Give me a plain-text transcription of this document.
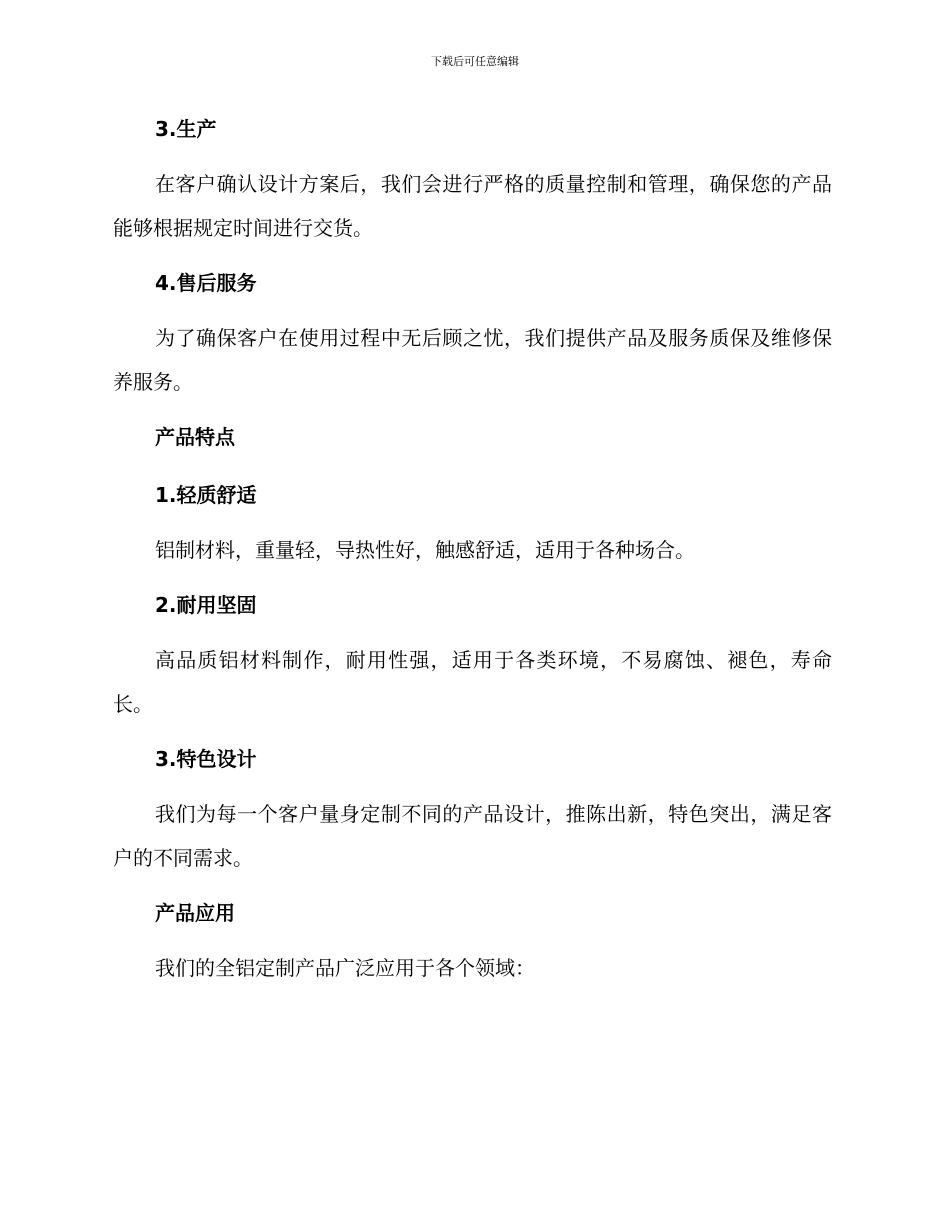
下载后可任意编辑
3.生产

在客户确认设计方案后，我们会进行严格的质量控制和管理，确保您的产品能够根据规定时间进行交货。

4.售后服务

为了确保客户在使用过程中无后顾之忧，我们提供产品及服务质保及维修保养服务。

产品特点
1.轻质舒适

铝制材料，重量轻，导热性好，触感舒适，适用于各种场合。

2.耐用坚固

高品质铝材料制作，耐用性强，适用于各类环境，不易腐蚀、褪色，寿命长。

3.特色设计

我们为每一个客户量身定制不同的产品设计，推陈出新，特色突出，满足客户的不同需求。

产品应用

我们的全铝定制产品广泛应用于各个领域：
